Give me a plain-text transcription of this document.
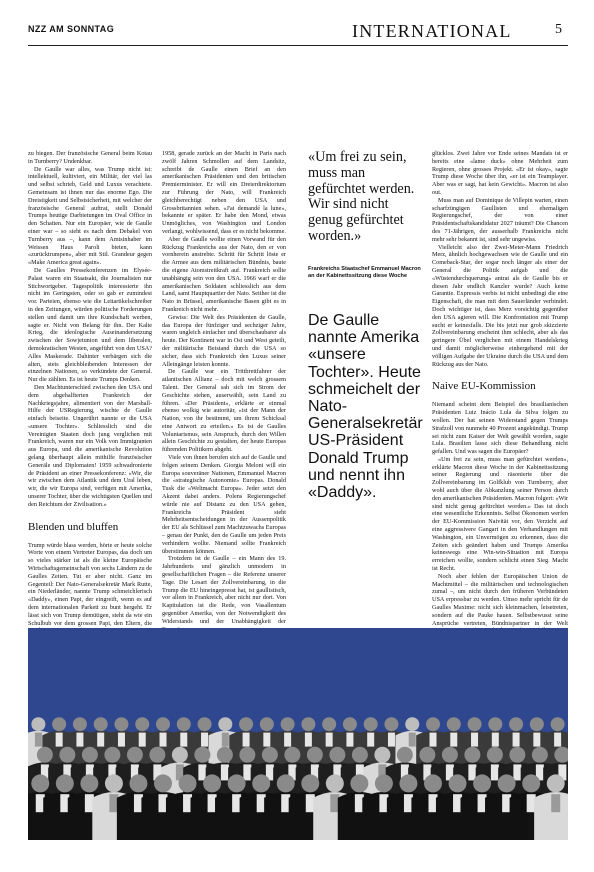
NZZ AM SONNTAG	INTERNATIONAL	5

zu biegen. Der französische General beim Kotau in Turnberry? Undenkbar.

De Gaulle war alles, was Trump nicht ist: intellektuell, kultiviert, ein Militär, der viel las und selbst schrieb, Geld und Luxus verachtete. Gemeinsam ist ihnen nur das enorme Ego. Die Dreistigkeit und Selbstsicherheit, mit welcher der französische General auftrat, stellt Donald Trumps heutige Darbietungen im Oval Office in den Schatten. Nur ein Europäer, wie de Gaulle einer war – so sieht es nach dem Debakel von Turnberry aus –, kann dem Amtsinhaber im Weissen Haus Paroli bieten, kann «zurücktrumpen», aber mit Stil. Grandeur gegen «Make America great again».

De Gaulles Pressekonferenzen im Elysée-Palast waren ein Staatsakt, die Journalisten nur Stichwortgeber. Tagespolitik interessierte ihn nicht im Geringsten, oder so gab er zumindest vor. Parteien, ebenso wie die Leitartikelschreiber in den Zeitungen, würden politische Forderungen stellen und damit um ihre Kundschaft werben, sagte er. Nicht von Belang für ihn. Der Kalte Krieg, die ideologische Auseinandersetzung zwischen der Sowjetunion und dem liberalen, demokratischen Westen, angeführt von den USA? Alles Maskerade. Dahinter verbärgen sich die alten, stets gleichbleibenden Interessen der einzelnen Nationen, so verkündete der General. Nur die zählten. Es ist heute Trumps Denken.

Den Machtunterschied zwischen den USA und dem abgehalfterten Frankreich der Nachkriegsjahre, alimentiert von der Marshall-Hilfe der USRegierung, wischte de Gaulle einfach beiseite. Ungerührt nannte er die USA «unsere Tochter». Schliesslich sind die Vereinigten Staaten doch jung verglichen mit Frankreich, waren nur ein Volk von Immigranten aus Europa, und die amerikanische Revolution gelang überhaupt allein mithilfe französischer Generäle und Diplomaten! 1959 schwadronierte de Präsident an einer Pressekonferenz: «Wir, die wir zwischen dem Atlantik und dem Ural leben, wir, die wir Europa sind, verfügen mit Amerika, unserer Tochter, über die wichtigsten Quellen und den Reichtum der Zivilisation.»

Blenden und bluffen

Trump würde blass werden, hörte er heute solche Worte von einem Vertreter Europas, das doch um so vieles stärker ist als die kleine Europäische Wirtschaftsgemeinschaft von sechs Ländern zu de Gaulles Zeiten. Tut er aber nicht. Ganz im Gegenteil: Der Nato-Generalsekretär Mark Rutte, ein Niederländer, nannte Trump schmeichlerisch «Daddy», einen Papi, der eingreift, wenn es auf dem internationalen Parkett zu bunt hergeht. Er lässt sich von Trump demütigen, steht da wie ein Schulbub vor dem grossen Papi, den Eltern, die

1958, gerade zurück an der Macht in Paris nach zwölf Jahren Schmollen auf dem Landsitz, schreibt de Gaulle einen Brief an den amerikanischen Präsidenten und den britischen Premierminister. Er will ein Dreierdirektorium zur Führung der Nato, will Frankreich gleichberechtigt neben den USA und Grossbritannien sehen. «J'ai demandé la lune», bekannte er später. Er habe den Mond, etwas Unmögliches, von Washington und London verlangt, wohlwissend, dass er es nicht bekomme.

Aber de Gaulle wollte einen Vorwand für den Rückzug Frankreichs aus der Nato, den er von vornherein anstrebte. Schritt für Schritt löste er die Armee aus dem militärischen Bündnis, baute die eigene Atomstreitkraft auf. Frankreich sollte unabhängig sein von den USA. 1966 warf er die amerikanischen Soldaten schliesslich aus dem Land, samt Hauptquartier der Nato. Seither ist die Nato in Brüssel, amerikanische Basen gibt es in Frankreich nicht mehr.

Gewiss: Die Welt des Präsidenten de Gaulle, das Europa der fünfziger und sechziger Jahre, waren ungleich einfacher und überschaubarer als heute. Der Kontinent war in Ost und West geteilt, der militärische Beistand durch die USA so sicher, dass sich Frankreich den Luxus seiner Alleingänge leisten konnte.

De Gaulle war ein Trittbrettfahrer der atlantischen Allianz – doch mit welch grossem Talent. Der General sah sich im Strom der Geschichte stehen, auserwählt, sein Land zu führen. «Der Präsident», erklärte er einmal ebenso wolkig wie autoritär, «ist der Mann der Nation, von ihr bestimmt, um ihrem Schicksal eine Antwort zu erteilen.» Es ist de Gaulles Voluntarismus, sein Anspruch, durch den Willen allein Geschichte zu gestalten, der heute Europas führenden Politikern abgeht.

Viele von ihnen berufen sich auf de Gaulle und folgen seinem Denken. Giorgia Meloni will ein Europa souveräner Nationen, Emmanuel Macron die «strategische Autonomie» Europas. Donald Tusk die «Weltmacht Europa». Jeder setzt den Akzent dabei anders. Polens Regierungschef würde nie auf Distanz zu den USA gehen, Frankreichs Präsident sieht Mehrheitsentscheidungen in der Aussenpolitik der EU als Schlüssel zum Machtzuwachs Europas – genau der Punkt, den de Gaulle um jeden Preis verhindern wollte. Niemand sollte Frankreich überstimmen können.

Trotzdem ist de Gaulle – ein Mann des 19. Jahrhunderts und gänzlich unmodern in gesellschaftlichen Fragen – die Referenz unserer Tage. Die Lesart der Zollvereinbarung, in die Trump die EU hineingepresst hat, ist gaullistisch, vor allem in Frankreich, aber nicht nur dort. Von Kapitulation ist die Rede, von Vasallentum gegenüber Amerika, von der Notwendigkeit des Widerstands und der Unabhängigkeit der

«Um frei zu sein, muss man gefürchtet werden. Wir sind nicht genug gefürchtet worden.»
Frankreichs Staatschef Emmanuel Macron an der Kabinettssitzung diese Woche
De Gaulle nannte Amerika «unsere Tochter». Heute schmeichelt der Nato-Generalsekretär US-Präsident Donald Trump und nennt ihn «Daddy».

glücklos. Zwei Jahre vor Ende seines Mandats ist er bereits eine «lame duck» ohne Mehrheit zum Regieren, ohne grosses Projekt. «Er ist okay», sagte Trump diese Woche über ihn, «er ist ein Teamplayer. Aber was er sagt, hat kein Gewicht». Macron ist also out.

Muss man auf Dominique de Villepin warten, einen scharfzüngigen Gaullisten und ehemaligen Regierungschef, der von einer Präsidentschaftskandidatur 2027 träumt? Die Chancen des 71-Jährigen, der ausserhalb Frankreichs nicht mehr sehr bekannt ist, sind sehr ungewiss.

Vielleicht also der Zwei-Meter-Mann Friedrich Merz, ähnlich hochgewachsen wie de Gaulle und ein Comeback-Star, der sogar noch länger als einer der General die Politik aufgab und die «Wüstendurchquerung» antrat als de Gaulle bis er diesen Jahr endlich Kanzler wurde? Auch keine Garantie. Expressis verbis ist nicht unbedingt die eine Eigenschaft, die man mit dem Sauerländer verbindet. Doch wichtiger ist, dass Merz vorsichtig gegenüber den USA agieren will. Die Konfrontation mit Trump sucht er keinesfalls. Die bis jetzt nur grob skizzierte Zollvereinbarung erscheint ihm schlecht, aber als das geringere Übel verglichen mit einem Handelskrieg und damit möglicherweise einhergehend mit der völligen Aufgabe der Ukraine durch die USA und dem Rückzug aus der Nato.

Naive EU-Kommission

Niemand scheint dem Beispiel des brasilianischen Präsidenten Luiz Inácio Lula da Silva folgen zu wollen. Der hat seinen Widerstand gegen Trumps Strafzoll von nunmehr 40 Prozent angekündigt. Trump sei nicht zum Kaiser der Welt gewählt worden, sagte Lula. Brasilien lasse sich diese Behandlung nicht gefallen. Und was sagen die Europäer?

«Um frei zu sein, muss man gefürchtet werden», erklärte Macron diese Woche in der Kabinettssitzung seiner Regierung und räsonierte über die Zollvereinbarung im Golfklub von Turnberry, aber wohl auch über die Abkanzlung seiner Person durch den amerikanischen Präsidenten. Macron folgert: «Wir sind nicht genug gefürchtet worden.» Das ist doch eine wesentliche Erkenntnis. Selbst Ökonomen werfen der EU-Kommission Naivität vor, den Verzicht auf eine aggressivere Gangart in den Verhandlungen mit Washington, ein Unvermögen zu erkennen, dass die Zeiten sich geändert haben und Trumps Amerika keineswegs eine Win-win-Situation mit Europa erreichen wollte, sondern schlicht einen Sieg. Macht ist Recht.

Noch aber fehlen der Europäischen Union de Machtmittel – die militärischen und technologischen zumal –, um nicht durch den früheren Verbündeten USA erpressbar zu werden. Umso mehr spricht für de Gaulles Maxime: nicht sich kleinmachen, leisetreten, sondern auf die Pauke hauen. Selbstbewusst seine Ansprüche vertreten, Bündnispartner in der Welt
